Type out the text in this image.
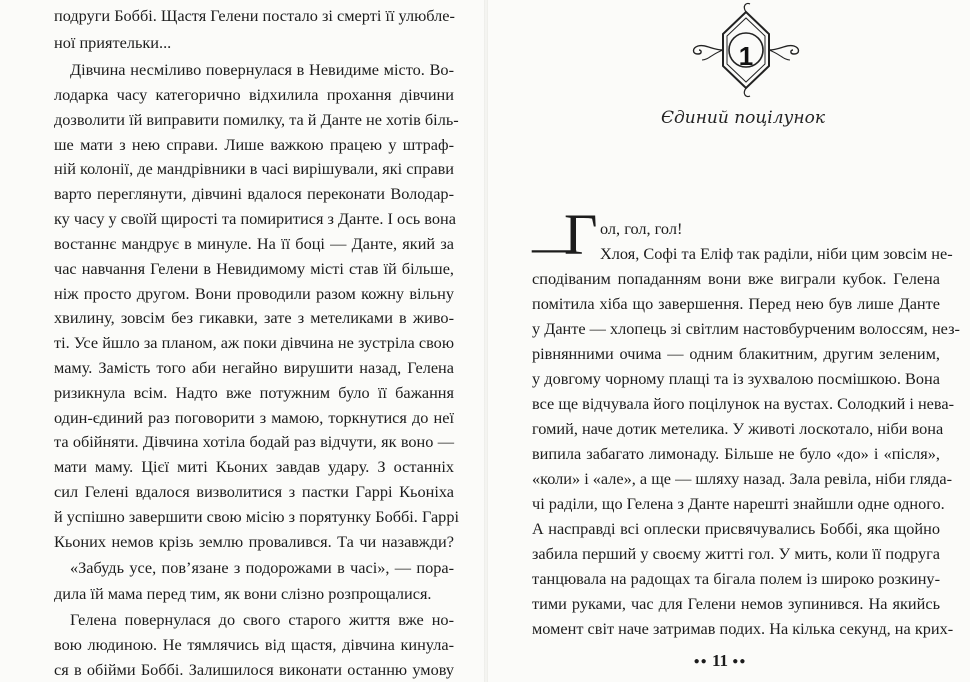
подруги Боббі. Щастя Гелени постало зі смерті її улюбле-
ної приятельки...
Дівчина несміливо повернулася в Невидиме місто. Во-
лодарка часу категорично відхилила прохання дівчини
дозволити їй виправити помилку, та й Данте не хотів біль-
ше мати з нею справи. Лише важкою працею у штраф-
ній колонії, де мандрівники в часі вирішували, які справи
варто переглянути, дівчині вдалося переконати Володар-
ку часу у своїй щирості та помиритися з Данте. І ось вона
востаннє мандрує в минуле. На її боці — Данте, який за
час навчання Гелени в Невидимому місті став їй більше,
ніж просто другом. Вони проводили разом кожну вільну
хвилину, зовсім без гикавки, зате з метеликами в живо-
ті. Усе йшло за планом, аж поки дівчина не зустріла свою
маму. Замість того аби негайно вирушити назад, Гелена
ризикнула всім. Надто вже потужним було її бажання
один-єдиний раз поговорити з мамою, торкнутися до неї
та обійняти. Дівчина хотіла бодай раз відчути, як воно —
мати маму. Цієї миті Кьоних завдав удару. З останніх
сил Гелені вдалося визволитися з пастки Гаррі Кьоніха
й успішно завершити свою місію з порятунку Боббі. Гаррі
Кьоних немов крізь землю провалився. Та чи назавжди?
«Забудь усе, пов’язане з подорожами в часі», — пора-
дила їй мама перед тим, як вони слізно розпрощалися.
Гелена повернулася до свого старого життя вже но-
вою людиною. Не тямлячись від щастя, дівчина кинула-
ся в обійми Боббі. Залишилося виконати останню умову
1
Єдиний поцілунок
—
Г ол, гол, гол!
Хлоя, Софі та Еліф так раділи, ніби цим зовсім не-
сподіваним попаданням вони вже виграли кубок. Гелена
помітила хіба що завершення. Перед нею був лише Данте
у Данте — хлопець зі світлим настовбурченим волоссям, нез-
рівнянними очима — одним блакитним, другим зеленим,
у довгому чорному плащі та із зухвалою посмішкою. Вона
все ще відчувала його поцілунок на вустах. Солодкий і нева-
гомий, наче дотик метелика. У животі лоскотало, ніби вона
випила забагато лимонаду. Більше не було «до» і «після»,
«коли» і «але», а ще — шляху назад. Зала ревіла, ніби гляда-
чі раділи, що Гелена з Данте нарешті знайшли одне одного.
А насправді всі оплески присвячувались Боббі, яка щойно
забила перший у своєму житті гол. У мить, коли її подруга
танцювала на радощах та бігала полем із широко розкину-
тими руками, час для Гелени немов зупинився. На якийсь
момент світ наче затримав подих. На кілька секунд, на крих-
●● 11 ●●
